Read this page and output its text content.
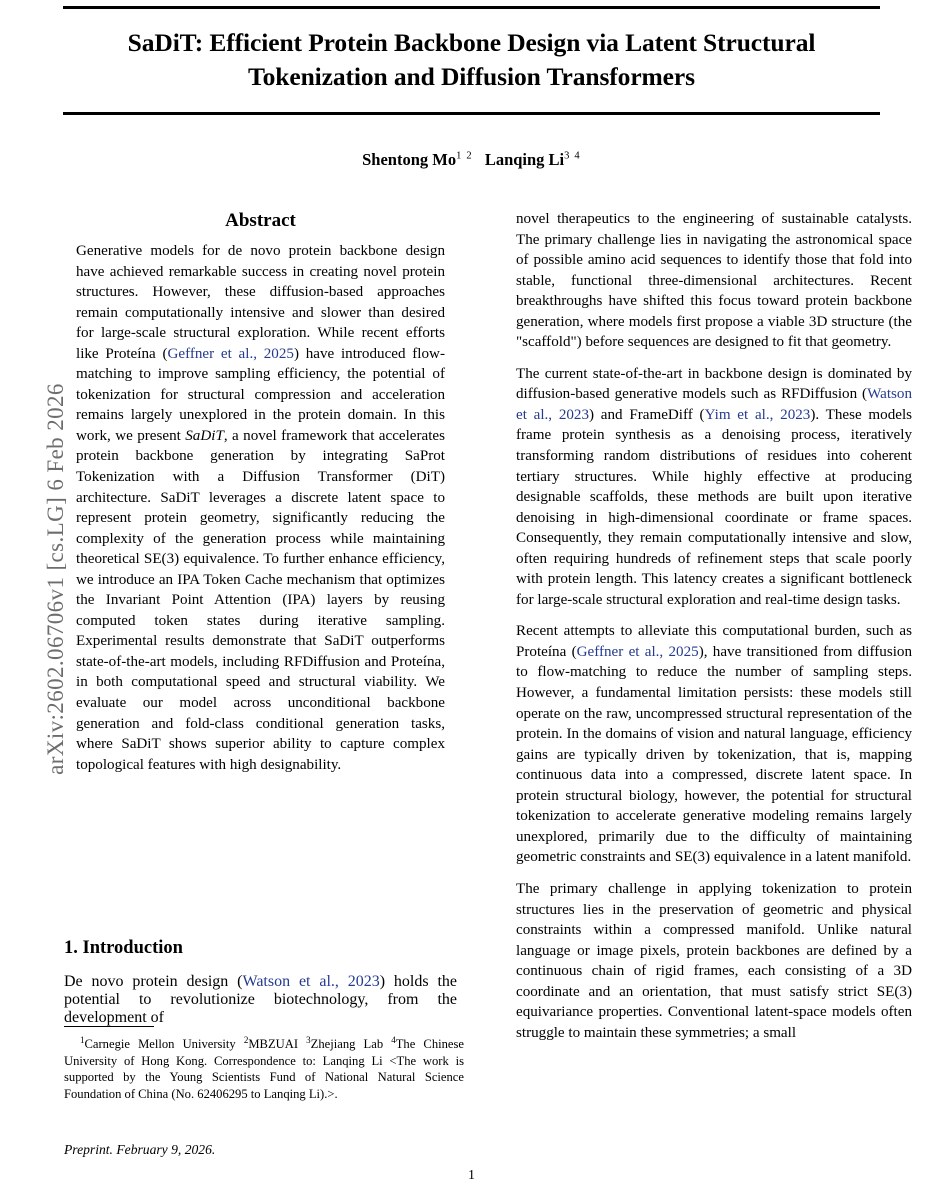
arXiv:2602.06706v1 [cs.LG] 6 Feb 2026
SaDiT: Efficient Protein Backbone Design via Latent Structural Tokenization and Diffusion Transformers
Shentong Mo$^{1 2}$ Lanqing Li$^{3 4}$
Abstract

Generative models for de novo protein backbone design have achieved remarkable success in creating novel protein structures. However, these diffusion-based approaches remain computationally intensive and slower than desired for large-scale structural exploration. While recent efforts like Proteína (Geffner et al., 2025) have introduced flow-matching to improve sampling efficiency, the potential of tokenization for structural compression and acceleration remains largely unexplored in the protein domain. In this work, we present SaDiT, a novel framework that accelerates protein backbone generation by integrating SaProt Tokenization with a Diffusion Transformer (DiT) architecture. SaDiT leverages a discrete latent space to represent protein geometry, significantly reducing the complexity of the generation process while maintaining theoretical SE(3) equivalence. To further enhance efficiency, we introduce an IPA Token Cache mechanism that optimizes the Invariant Point Attention (IPA) layers by reusing computed token states during iterative sampling. Experimental results demonstrate that SaDiT outperforms state-of-the-art models, including RFDiffusion and Proteína, in both computational speed and structural viability. We evaluate our model across unconditional backbone generation and fold-class conditional generation tasks, where SaDiT shows superior ability to capture complex topological features with high designability.

1. Introduction

De novo protein design (Watson et al., 2023) holds the potential to revolutionize biotechnology, from the development of

$^1$Carnegie Mellon University $^2$MBZUAI $^3$Zhejiang Lab $^4$The Chinese University of Hong Kong. Correspondence to: Lanqing Li <The work is supported by the Young Scientists Fund of National Natural Science Foundation of China (No. 62406295 to Lanqing Li).>.
Preprint. February 9, 2026.

novel therapeutics to the engineering of sustainable catalysts. The primary challenge lies in navigating the astronomical space of possible amino acid sequences to identify those that fold into stable, functional three-dimensional architectures. Recent breakthroughs have shifted this focus toward protein backbone generation, where models first propose a viable 3D structure (the "scaffold") before sequences are designed to fit that geometry.

The current state-of-the-art in backbone design is dominated by diffusion-based generative models such as RFDiffusion (Watson et al., 2023) and FrameDiff (Yim et al., 2023). These models frame protein synthesis as a denoising process, iteratively transforming random distributions of residues into coherent tertiary structures. While highly effective at producing designable scaffolds, these methods are built upon iterative denoising in high-dimensional coordinate or frame spaces. Consequently, they remain computationally intensive and slow, often requiring hundreds of refinement steps that scale poorly with protein length. This latency creates a significant bottleneck for large-scale structural exploration and real-time design tasks.

Recent attempts to alleviate this computational burden, such as Proteína (Geffner et al., 2025), have transitioned from diffusion to flow-matching to reduce the number of sampling steps. However, a fundamental limitation persists: these models still operate on the raw, uncompressed structural representation of the protein. In the domains of vision and natural language, efficiency gains are typically driven by tokenization, that is, mapping continuous data into a compressed, discrete latent space. In protein structural biology, however, the potential for structural tokenization to accelerate generative modeling remains largely unexplored, primarily due to the difficulty of maintaining geometric constraints and SE(3) equivalence in a latent manifold.

The primary challenge in applying tokenization to protein structures lies in the preservation of geometric and physical constraints within a compressed manifold. Unlike natural language or image pixels, protein backbones are defined by a continuous chain of rigid frames, each consisting of a 3D coordinate and an orientation, that must satisfy strict SE(3) equivariance properties. Conventional latent-space models often struggle to maintain these symmetries; a small

1
